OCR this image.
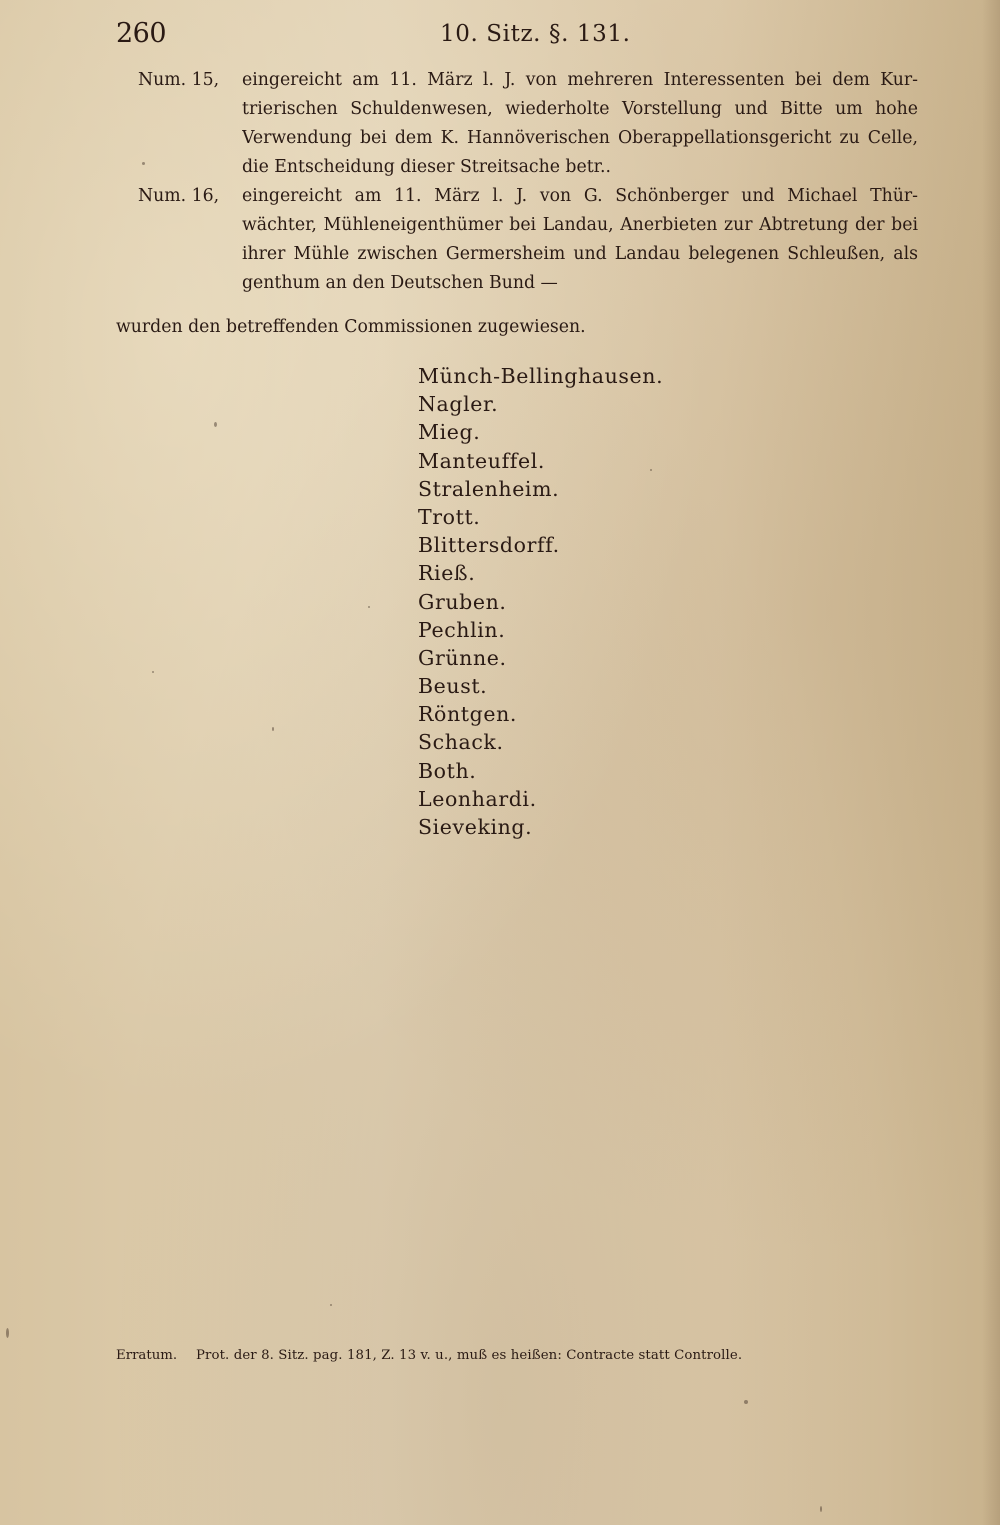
260	10. Sitz. §. 131.
Num. 15,	eingereicht am 11. März l. J. von mehreren Interessenten bei dem Kur-
trierischen Schuldenwesen, wiederholte Vorstellung und Bitte um hohe
Verwendung bei dem K. Hannöverischen Oberappellationsgericht zu Celle,
die Entscheidung dieser Streitsache betr..
Num. 16,	eingereicht am 11. März l. J. von G. Schönberger und Michael Thür-
wächter, Mühleneigenthümer bei Landau, Anerbieten zur Abtretung der bei
ihrer Mühle zwischen Germersheim und Landau belegenen Schleußen, als
genthum an den Deutschen Bund —

wurden den betreffenden Commissionen zugewiesen.

Münch-Bellinghausen.
Nagler.
Mieg.
Manteuffel.
Stralenheim.
Trott.
Blittersdorff.
Rieß.
Gruben.
Pechlin.
Grünne.
Beust.
Röntgen.
Schack.
Both.
Leonhardi.
Sieveking.
Erratum. Prot. der 8. Sitz. pag. 181, Z. 13 v. u., muß es heißen: Contracte statt Controlle.
